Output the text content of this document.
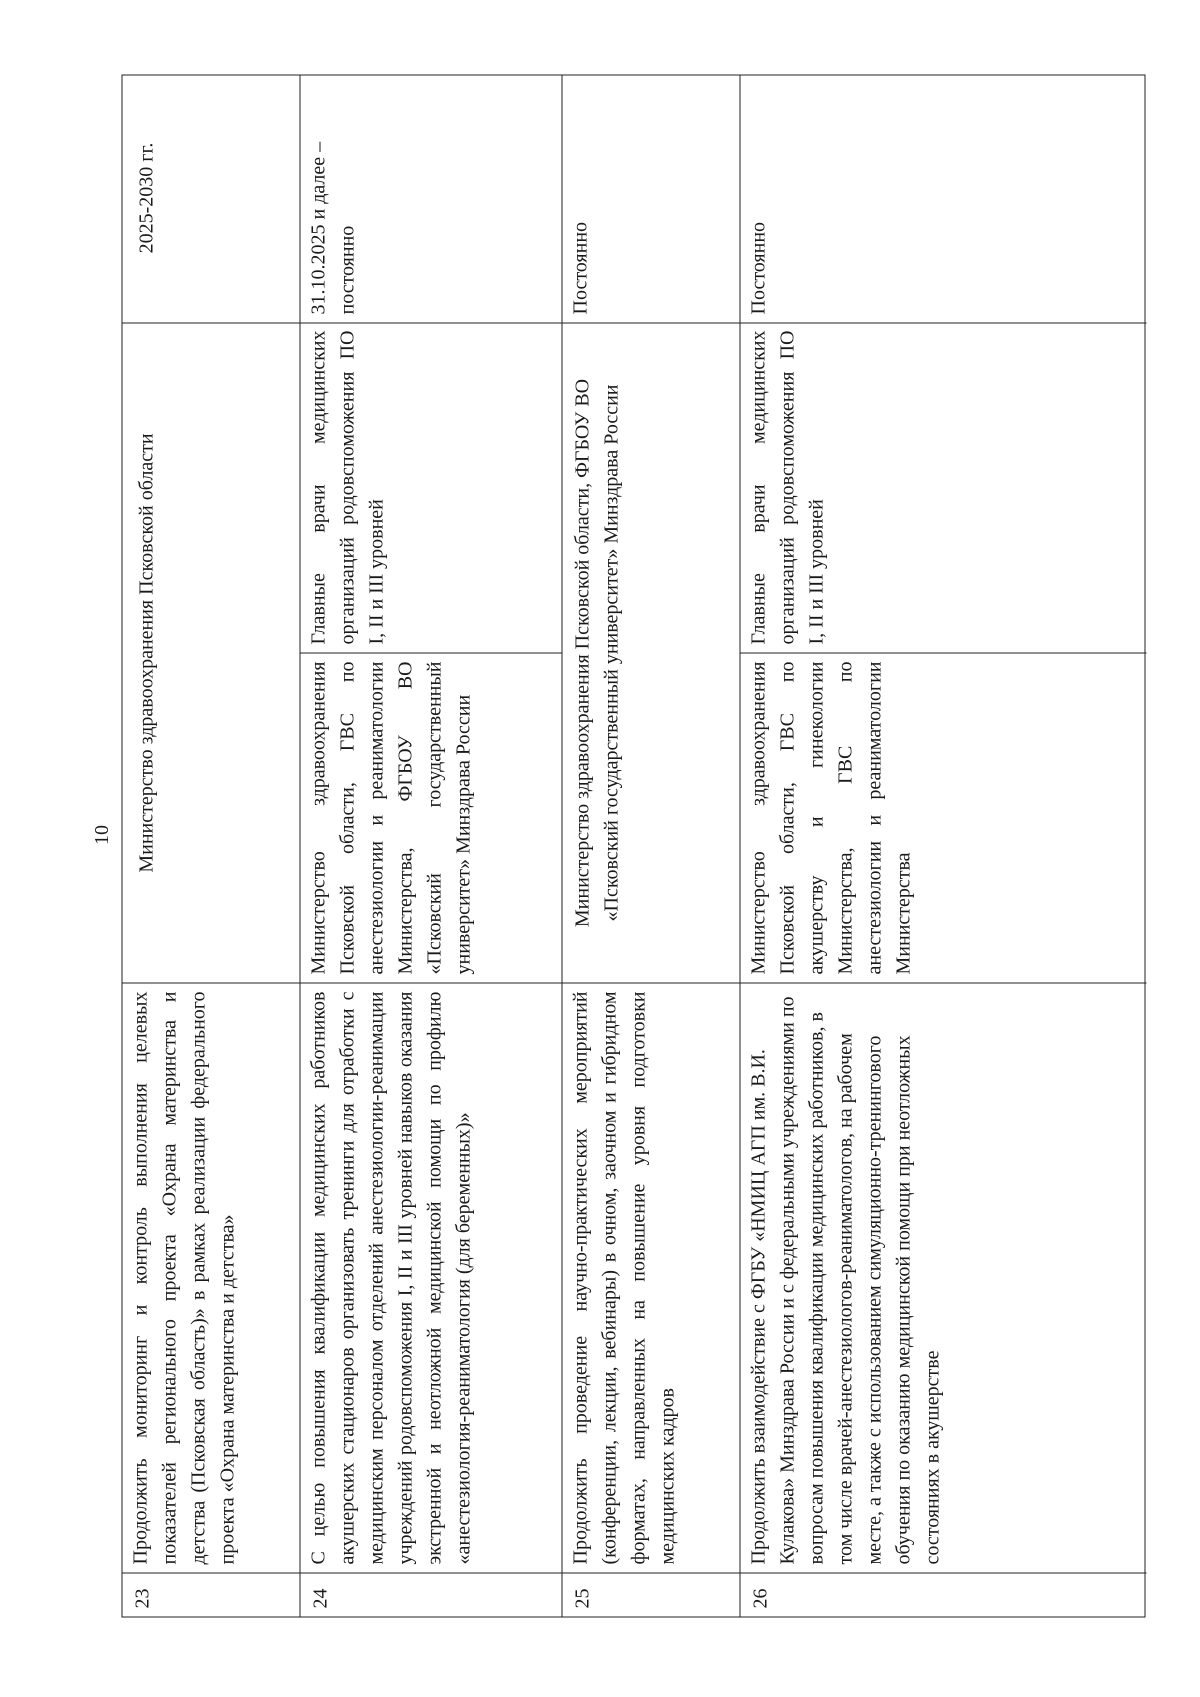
10
23
Продолжить мониторинг и контроль выполнения целевых показателей регионального проекта «Охрана материнства и детства (Псковская область)» в рамках реализации федерального проекта «Охрана материнства и детства»
Министерство здравоохранения Псковской области
2025-2030 гг.
24
С целью повышения квалификации медицинских работников акушерских стационаров организовать тренинги для отработки с медицинским персоналом отделений анестезиологии-реанимации учреждений родовспоможения I, II и III уровней навыков оказания экстренной и неотложной медицинской помощи по профилю «анестезиология-реаниматология (для беременных)»
Министерство здравоохранения Псковской области, ГВС по анестезиологии и реаниматологии Министерства, ФГБОУ ВО «Псковский государственный университет» Минздрава России
Главные врачи медицинских организаций родовспоможения ПО I, II и III уровней
31.10.2025 и далее – постоянно
25
Продолжить проведение научно-практических мероприятий (конференции, лекции, вебинары) в очном, заочном и гибридном форматах, направленных на повышение уровня подготовки медицинских кадров
Министерство здравоохранения Псковской области, ФГБОУ ВО «Псковский государственный университет» Минздрава России
Постоянно
26
Продолжить взаимодействие с ФГБУ «НМИЦ АГП им. В.И. Кулакова» Минздрава России и с федеральными учреждениями по вопросам повышения квалификации медицинских работников, в том числе врачей-анестезиологов-реаниматологов, на рабочем месте, а также с использованием симуляционно-тренингового обучения по оказанию медицинской помощи при неотложных состояниях в акушерстве
Министерство здравоохранения Псковской области, ГВС по акушерству и гинекологии Министерства, ГВС по анестезиологии и реаниматологии Министерства
Главные врачи медицинских организаций родовспоможения ПО I, II и III уровней
Постоянно
